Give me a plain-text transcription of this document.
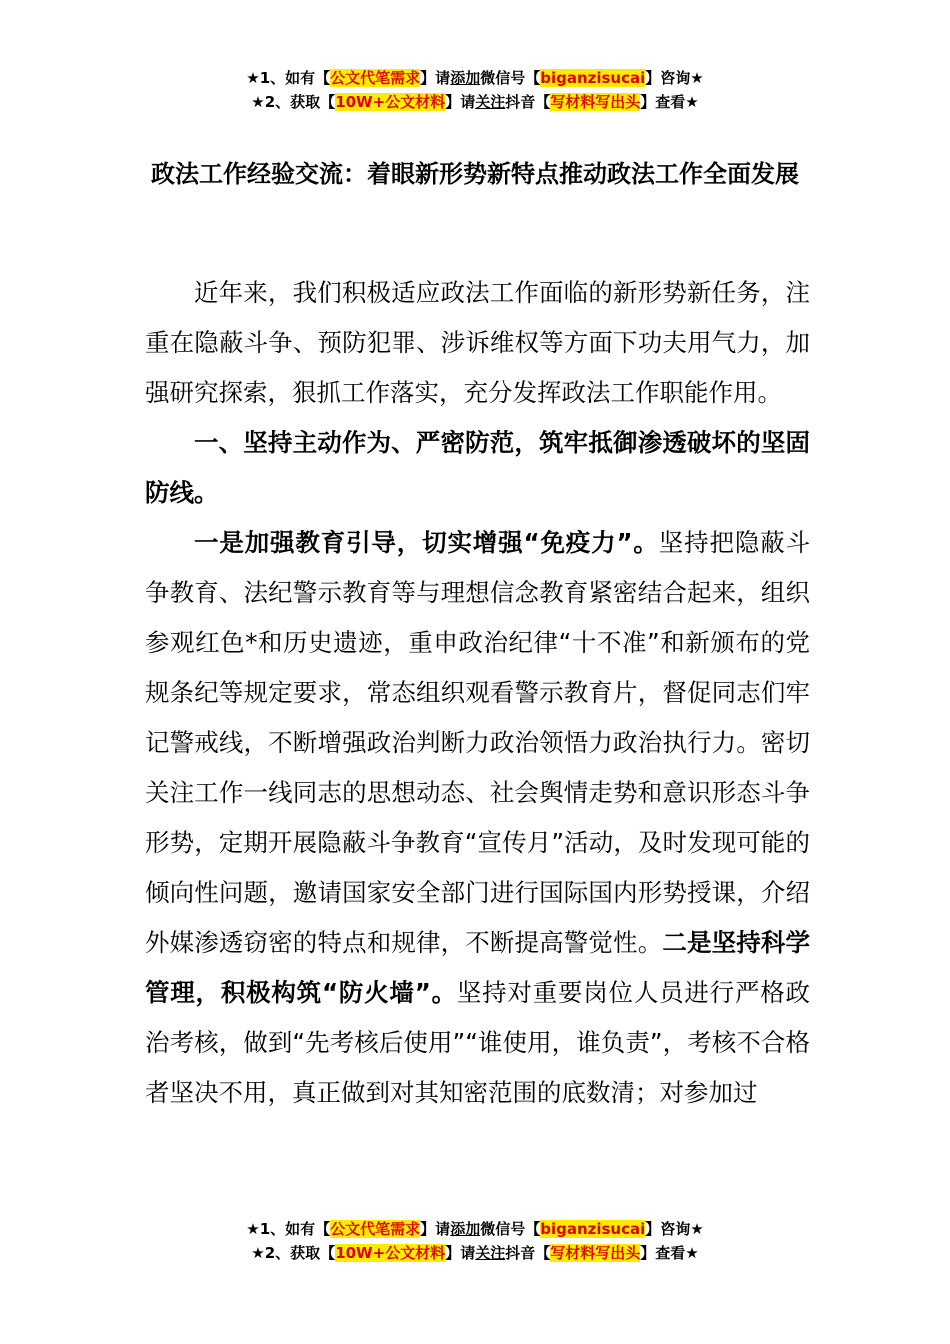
★1、如有【公文代笔需求】请添加微信号【biganzisucai】咨询★
★2、获取【10W+公文材料】请关注抖音【写材料写出头】查看★
政法工作经验交流：着眼新形势新特点推动政法工作全面发展

近年来，我们积极适应政法工作面临的新形势新任务，注重在隐蔽斗争、预防犯罪、涉诉维权等方面下功夫用气力，加强研究探索，狠抓工作落实，充分发挥政法工作职能作用。

一、坚持主动作为、严密防范，筑牢抵御渗透破坏的坚固防线。

一是加强教育引导，切实增强“免疫力”。坚持把隐蔽斗争教育、法纪警示教育等与理想信念教育紧密结合起来，组织参观红色*和历史遗迹，重申政治纪律“十不准”和新颁布的党规条纪等规定要求，常态组织观看警示教育片，督促同志们牢记警戒线，不断增强政治判断力政治领悟力政治执行力。密切关注工作一线同志的思想动态、社会舆情走势和意识形态斗争形势，定期开展隐蔽斗争教育“宣传月”活动，及时发现可能的倾向性问题，邀请国家安全部门进行国际国内形势授课，介绍外媒渗透窃密的特点和规律，不断提高警觉性。二是坚持科学管理，积极构筑“防火墙”。坚持对重要岗位人员进行严格政治考核，做到“先考核后使用”“谁使用，谁负责”，考核不合格者坚决不用，真正做到对其知密范围的底数清；对参加过

★1、如有【公文代笔需求】请添加微信号【biganzisucai】咨询★
★2、获取【10W+公文材料】请关注抖音【写材料写出头】查看★
